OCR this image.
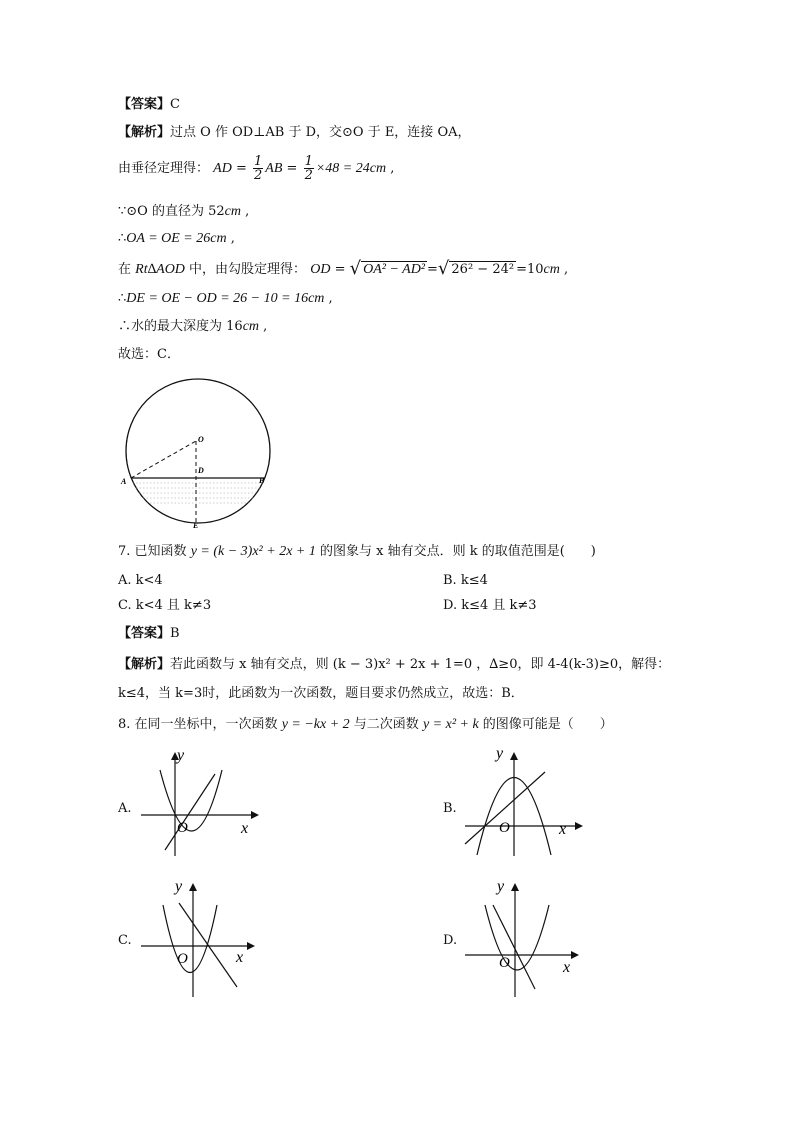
【答案】C
【解析】过点 O 作 OD⊥AB 于 D，交⊙O 于 E，连接 OA，
由垂径定理得： AD = $\frac{1}{2}$ AB = $\frac{1}{2} \times 48 = 24cm$ ,
∵⊙O 的直径为 52cm ,
∴OA = OE = 26cm ,
在 Rt∆AOD 中，由勾股定理得： OD = √ OA² − AD² =√ 26² − 24² =10cm ,
∴DE = OE − OD = 26 − 10 = 16cm ,
∴水的最大深度为 16cm ,
故选：C．
O
D
A	B
E
7. 已知函数 y = (k − 3)x² + 2x + 1 的图象与 x 轴有交点．则 k 的取值范围是(　　)
A. k<4	B. k≤4
C. k<4 且 k≠3	D. k≤4 且 k≠3
【答案】B
【解析】若此函数与 x 轴有交点，则 (k − 3)x² + 2x + 1=0 ，∆≥0，即 4-4(k-3)≥0，解得：
k≤4，当 k=3时，此函数为一次函数，题目要求仍然成立，故选：B．
8. 在同一坐标中，一次函数 y = −kx + 2 与二次函数 y = x² + k 的图像可能是（　　）
A.
y
x
O
B.
y
x
O
C.
y
x
O
D.
y
x
O
